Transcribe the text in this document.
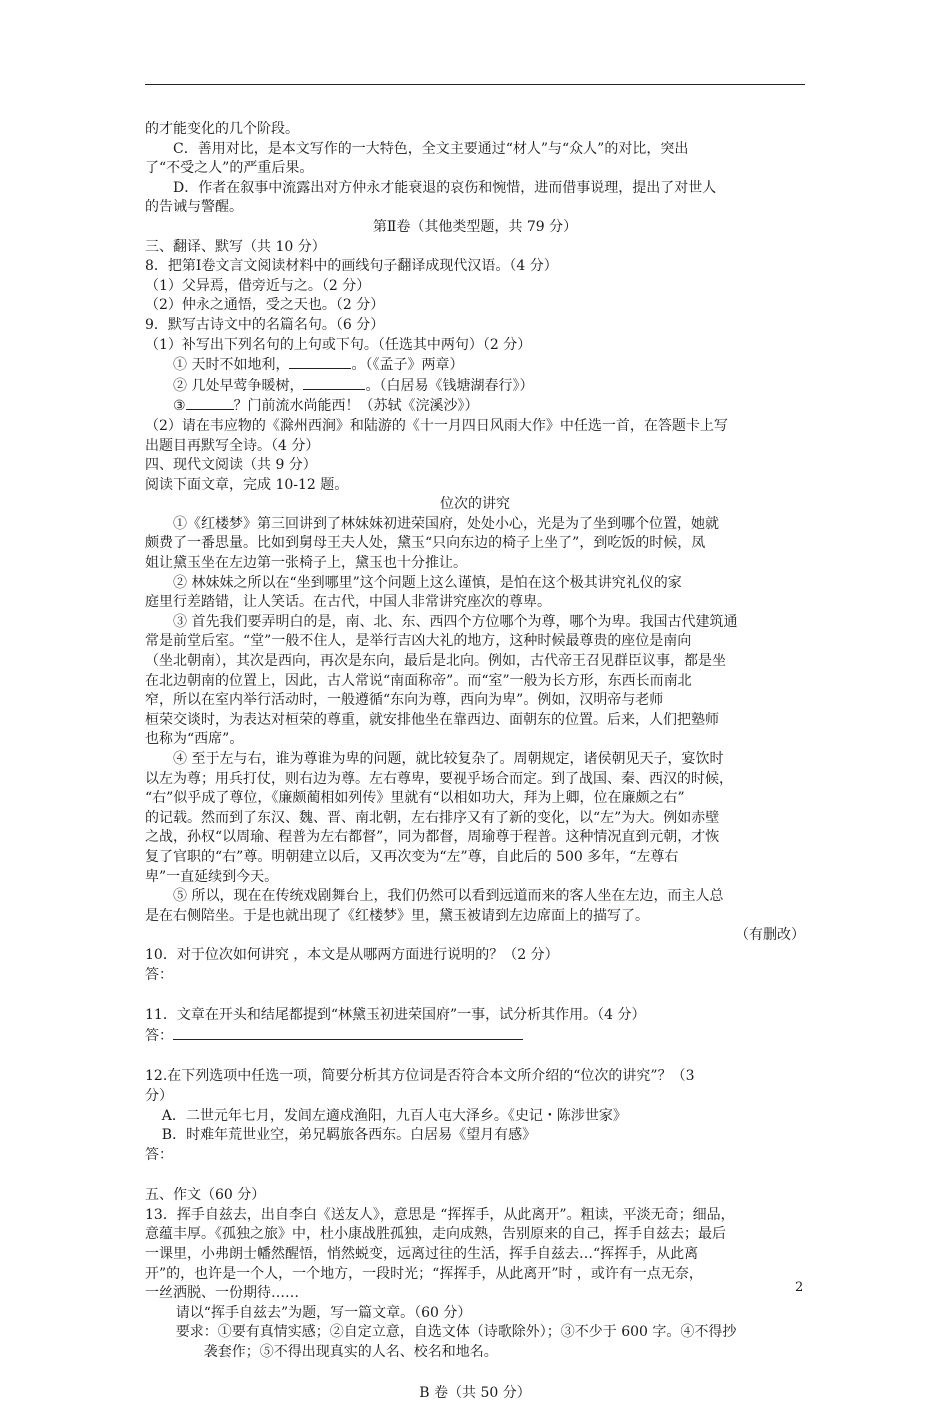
的才能变化的几个阶段。

C．善用对比，是本文写作的一大特色，全文主要通过“材人”与“众人”的对比，突出

了“不受之人”的严重后果。

D．作者在叙事中流露出对方仲永才能衰退的哀伤和惋惜，进而借事说理，提出了对世人

的告诫与警醒。

第Ⅱ卷（其他类型题，共 79 分）

三、翻译、默写（共 10 分）

8．把第Ⅰ卷文言文阅读材料中的画线句子翻译成现代汉语。（4 分）

（1）父异焉，借旁近与之。（2 分）

（2）仲永之通悟，受之天也。（2 分）

9．默写古诗文中的名篇名句。（6 分）

（1）补写出下列名句的上句或下句。（任选其中两句）（2 分）

① 天时不如地利，	。（《孟子》两章）

② 几处早莺争暖树，	。（白居易《钱塘湖春行》）

③	？门前流水尚能西！（苏轼《浣溪沙》）

（2）请在韦应物的《滁州西涧》和陆游的《十一月四日风雨大作》中任选一首，在答题卡上写

出题目再默写全诗。（4 分）

四、现代文阅读（共 9 分）

阅读下面文章，完成 10-12 题。

位次的讲究

①《红楼梦》第三回讲到了林妹妹初进荣国府，处处小心，光是为了坐到哪个位置，她就

颇费了一番思量。比如到舅母王夫人处，黛玉“只向东边的椅子上坐了”，到吃饭的时候，凤

姐让黛玉坐在左边第一张椅子上，黛玉也十分推让。

② 林妹妹之所以在“坐到哪里”这个问题上这么谨慎，是怕在这个极其讲究礼仪的家

庭里行差踏错，让人笑话。在古代，中国人非常讲究座次的尊卑。

③ 首先我们要弄明白的是，南、北、东、西四个方位哪个为尊，哪个为卑。我国古代建筑通

常是前堂后室。“堂”一般不住人，是举行吉凶大礼的地方，这种时候最尊贵的座位是南向

（坐北朝南），其次是西向，再次是东向，最后是北向。例如，古代帝王召见群臣议事，都是坐

在北边朝南的位置上，因此，古人常说“南面称帝”。而“室”一般为长方形，东西长而南北

窄，所以在室内举行活动时，一般遵循“东向为尊，西向为卑”。例如，汉明帝与老师

桓荣交谈时，为表达对桓荣的尊重，就安排他坐在靠西边、面朝东的位置。后来，人们把塾师

也称为“西席”。

④ 至于左与右，谁为尊谁为卑的问题，就比较复杂了。周朝规定，诸侯朝见天子，宴饮时

以左为尊；用兵打仗，则右边为尊。左右尊卑，要视乎场合而定。到了战国、秦、西汉的时候，

“右”似乎成了尊位，《廉颇蔺相如列传》里就有“以相如功大，拜为上卿，位在廉颇之右”

的记载。然而到了东汉、魏、晋、南北朝，左右排序又有了新的变化，以“左”为大。例如赤壁

之战，孙权“以周瑜、程普为左右都督”，同为都督，周瑜尊于程普。这种情况直到元朝，才恢

复了官职的“右”尊。明朝建立以后，又再次变为“左”尊，自此后的 500 多年，“左尊右

卑”一直延续到今天。

⑤ 所以，现在在传统戏剧舞台上，我们仍然可以看到远道而来的客人坐在左边，而主人总

是在右侧陪坐。于是也就出现了《红楼梦》里，黛玉被请到左边席面上的描写了。

（有删改）

10．对于位次如何讲究 ，本文是从哪两方面进行说明的？（2 分）

答：

11．文章在开头和结尾都提到“林黛玉初进荣国府”一事，试分析其作用。（4 分）

答：

12.在下列选项中任选一项，简要分析其方位词是否符合本文所介绍的“位次的讲究”？（3

分）

A．二世元年七月，发闾左適戍渔阳，九百人屯大泽乡。《史记・陈涉世家》

B．时难年荒世业空，弟兄羁旅各西东。白居易《望月有感》

答：

五、作文（60 分）

13．挥手自兹去，出自李白《送友人》，意思是 “挥挥手，从此离开”。粗读，平淡无奇；细品，

意蕴丰厚。《孤独之旅》中，杜小康战胜孤独，走向成熟，告别原来的自己，挥手自兹去；最后

一课里，小弗朗士幡然醒悟，悄然蜕变，远离过往的生活，挥手自兹去…“挥挥手，从此离

开”的，也许是一个人，一个地方，一段时光；“挥挥手，从此离开”时 ，或许有一点无奈，

一丝洒脱、一份期待……

请以“挥手自兹去”为题，写一篇文章。（60 分）

要求：①要有真情实感；②自定立意，自选文体（诗歌除外）；③不少于 600 字。④不得抄

袭套作；⑤不得出现真实的人名、校名和地名。

B 卷（共 50 分）

2
